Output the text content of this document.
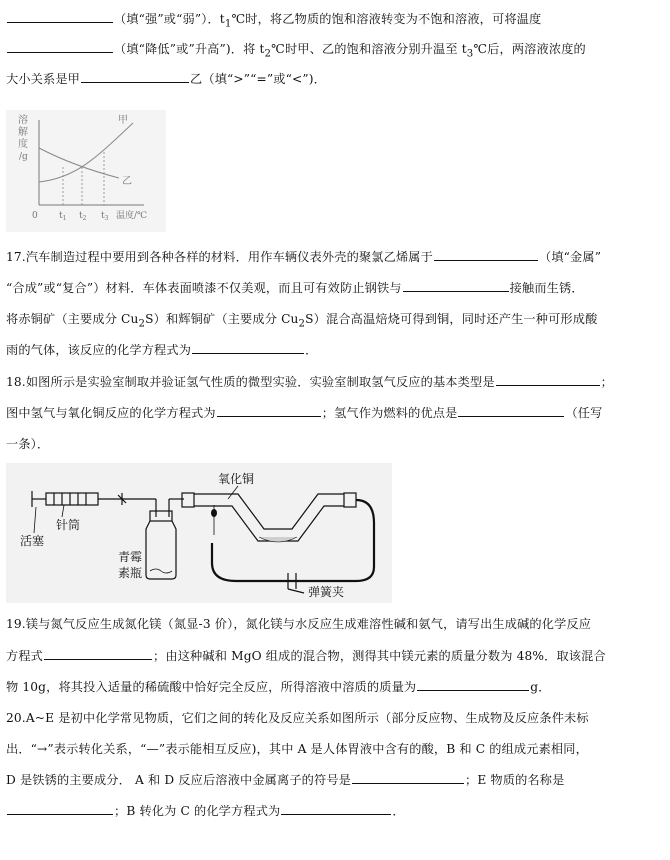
（填“强”或“弱”）．$t_1℃$时，将乙物质的饱和溶液转变为不饱和溶液，可将温度
（填“降低”或”升高”)．将 $t_2℃$时甲、乙的饱和溶液分别升温至 $t_3℃$后，两溶液浓度的
大小关系是甲	乙（填“>”“=”或“<”)．
溶
解
度
/g
甲
乙
0 $t_1$ $t_2$ $t_3$ 温度/℃
17.汽车制造过程中要用到各种各样的材料．用作车辆仪表外壳的聚氯乙烯属于	（填“金属”
“合成”或“复合”）材料．车体表面喷漆不仅美观，而且可有效防止钢铁与	接触而生锈．
将赤铜矿（主要成分 $Cu_2S$）和辉铜矿（主要成分 $Cu_2S$）混合高温焙烧可得到铜，同时还产生一种可形成酸
雨的气体，该反应的化学方程式为	．
18.如图所示是实验室制取并验证氢气性质的微型实验．实验室制取氢气反应的基本类型是	；
图中氢气与氧化铜反应的化学方程式为	；氢气作为燃料的优点是	（任写
一条）．
活塞
针筒
青霉
素瓶
氧化铜
弹簧夹
19.镁与氮气反应生成氮化镁（氮显-3 价），氮化镁与水反应生成难溶性碱和氨气，请写出生成碱的化学反应
方程式	；由这种碱和 MgO 组成的混合物，测得其中镁元素的质量分数为 48%．取该混合
物 10g，将其投入适量的稀硫酸中恰好完全反应，所得溶液中溶质的质量为	g．
20.A~E 是初中化学常见物质，它们之间的转化及反应关系如图所示（部分反应物、生成物及反应条件未标
出．“→”表示转化关系，“—”表示能相互反应)，其中 A 是人体胃液中含有的酸，B 和 C 的组成元素相同，
D 是铁锈的主要成分． A 和 D 反应后溶液中金属离子的符号是	；E 物质的名称是
；B 转化为 C 的化学方程式为	．
